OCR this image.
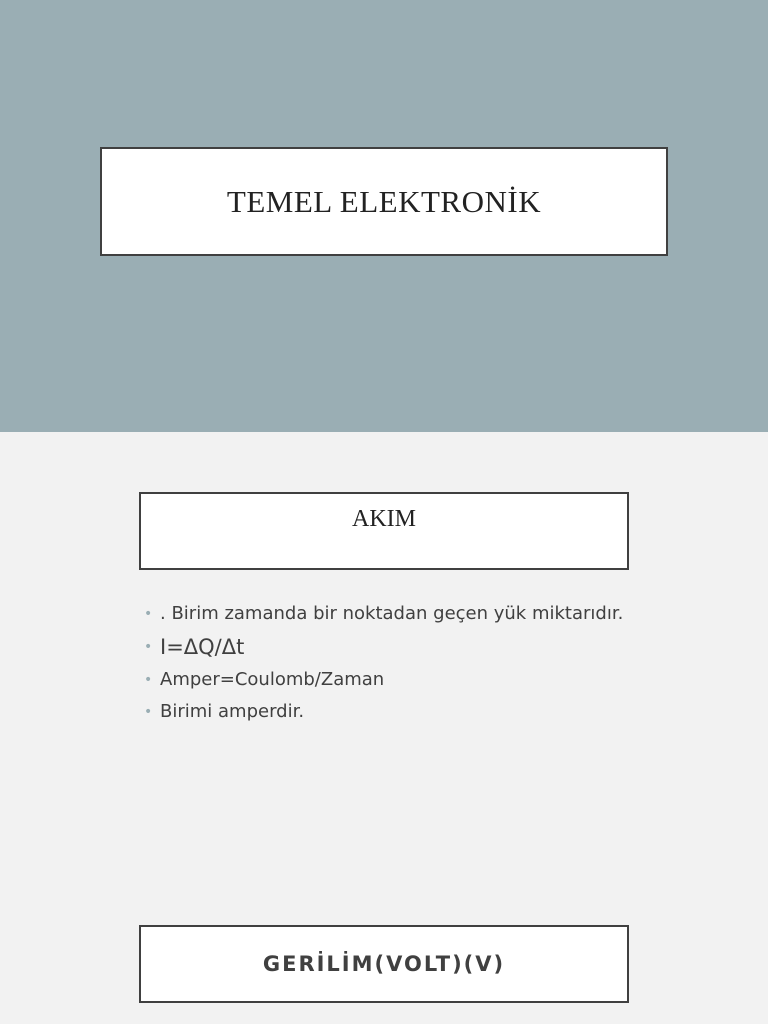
TEMEL ELEKTRONİK
AKIM
• . Birim zamanda bir noktadan geçen yük miktarıdır.
• I=ΔQ∕Δt
• Amper=Coulomb/Zaman
• Birimi amperdir.
GERİLİM(VOLT)(V)
